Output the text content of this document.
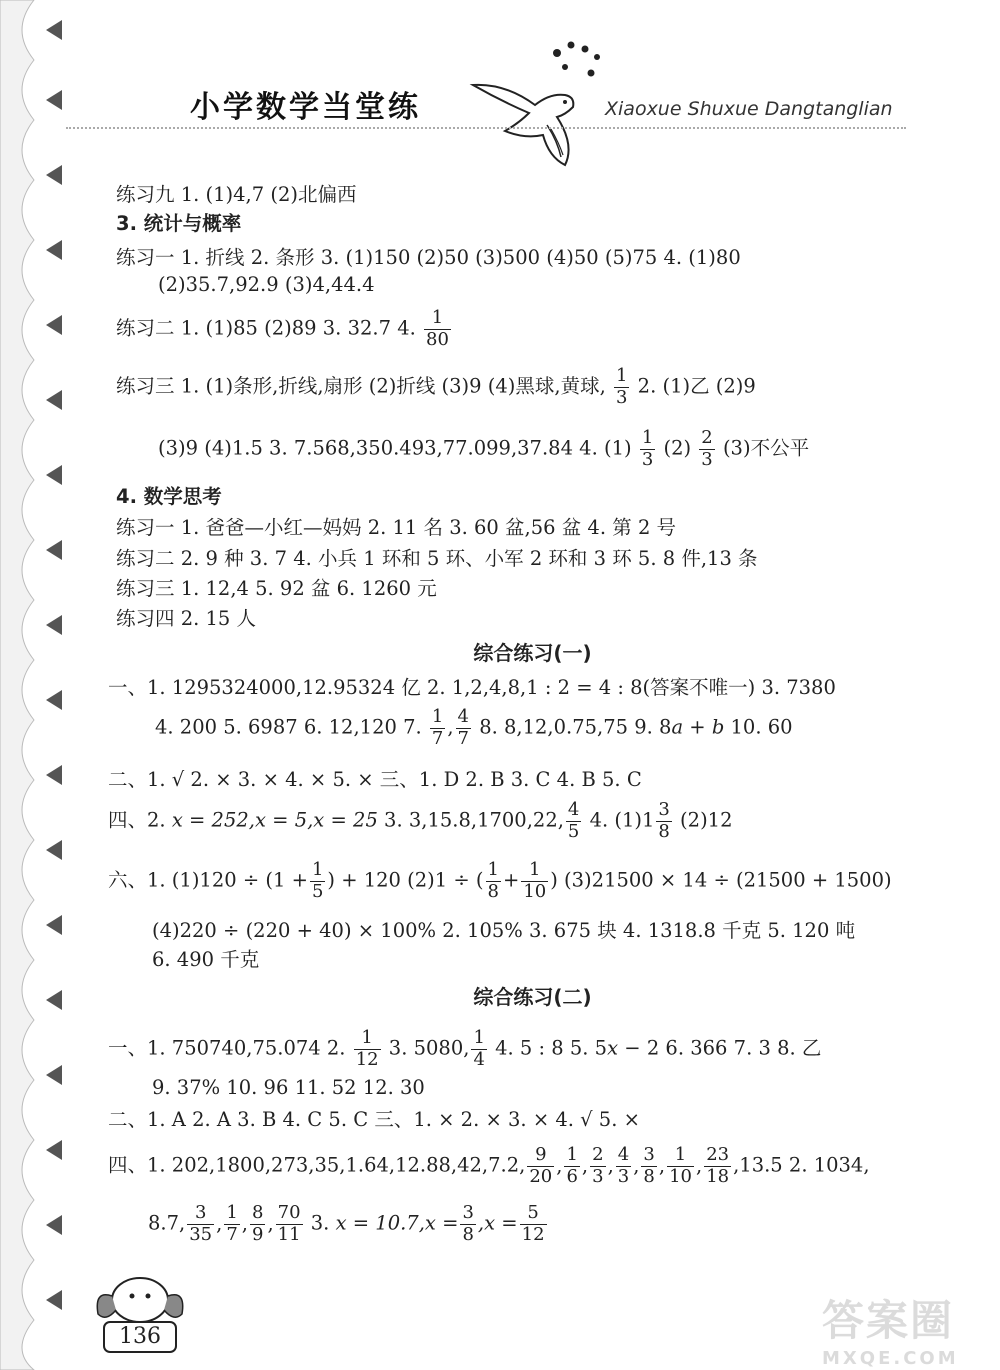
小学数学当堂练	Xiaoxue Shuxue Dangtanglian
练习九 1. (1)4,7 (2)北偏西
3. 统计与概率
练习一 1. 折线 2. 条形 3. (1)150 (2)50 (3)500 (4)50 (5)75 4. (1)80
(2)35.7,92.9 (3)4,44.4
练习二 1. (1)85 (2)89 3. 32.7 4. $\frac{1}{80}$
练习三 1. (1)条形,折线,扇形 (2)折线 (3)9 (4)黑球,黄球, $\frac{1}{3} 2$. (1)乙 (2)9
(3)9 (4)1.5 3. 7.568,350.493,77.099,37.84 4. $(1) \frac{1}{3} (2) \frac{2}{3} (3)$不公平
4. 数学思考
练习一 1. 爸爸—小红—妈妈 2. 11 名 3. 60 盆,56 盆 4. 第 2 号
练习二 2. 9 种 3. 7 4. 小兵 1 环和 5 环、小军 2 环和 3 环 5. 8 件,13 条
练习三 1. 12,4 5. 92 盆 6. 1260 元
练习四 2. 15 人
综合练习(一)
一、1. 1295324000,12.95324 亿 2. 1,2,4,8,1 : 2 = 4 : 8(答案不唯一) 3. 7380
4. 200 5. 6987 6. 12,120 7. $\frac{1}{7}$ , $\frac{4}{7} 8$. 8,12,0.75,75 9. 8a + b 10. 60
二、1. √ 2. × 3. × 4. × 5. × 三、1. D 2. B 3. C 4. B 5. C
四、2. x = 252,x = 5,x = 25 3. 3,15.8,1700,22, $\frac{4}{5} 4$. $(1)1 \frac{3}{8} (2)12$
六、1. $(1)120 \div (1 + \frac{1}{5}$ ) + 120 (2)1 ÷ ( $\frac{1}{8} + \frac{1}{10}$ ) (3)21500 × 14 ÷ (21500 + 1500)
(4)220 ÷ (220 + 40) × 100% 2. 105% 3. 675 块 4. 1318.8 千克 5. 120 吨
6. 490 千克
综合练习(二)
一、1. 750740,75.074 2. $\frac{1}{12} 3$. 5080, $\frac{1}{4} 4$. 5 : 8 5. 5x − 2 6. 366 7. 3 8. 乙
9. 37% 10. 96 11. 52 12. 30
二、1. A 2. A 3. B 4. C 5. C 三、1. × 2. × 3. × 4. √ 5. ×
四、1. 202,1800,273,35,1.64,12.88,42,7.2, $\frac{9}{20}$ , $\frac{1}{6}$ , $\frac{2}{3}$ , $\frac{4}{3}$ , $\frac{3}{8}$ , $\frac{1}{10}$ , $\frac{23}{18} ,13.5$ 2. 1034,
8.7, $\frac{3}{35}$ , $\frac{1}{7}$ , $\frac{8}{9}$ , $\frac{70}{11} 3$. $x = 10.7,x = \frac{3}{8} ,x = \frac{5}{12}$
136	答案圈
MXQE.COM
